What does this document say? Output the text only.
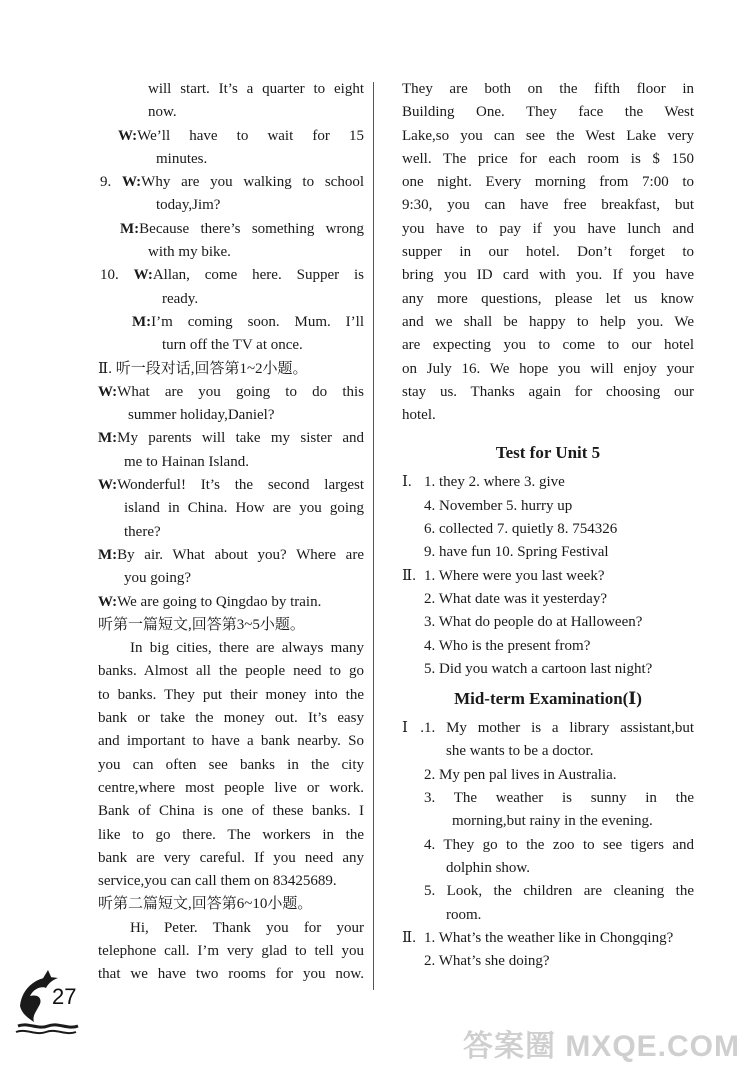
will start. It’s a quarter to eight
now.
W:We’ll have to wait for 15
minutes.
9. W:Why are you walking to school
today,Jim?
M:Because there’s something wrong
with my bike.
10. W:Allan, come here. Supper is
ready.
M:I’m coming soon. Mum. I’ll
turn off the TV at once.
Ⅱ. 听一段对话,回答第1~2小题。
W:What are you going to do this
summer holiday,Daniel?
M:My parents will take my sister and
me to Hainan Island.
W:Wonderful! It’s the second largest
island in China. How are you going
there?
M:By air. What about you? Where are
you going?
W:We are going to Qingdao by train.
听第一篇短文,回答第3~5小题。
In big cities, there are always many
banks. Almost all the people need to go
to banks. They put their money into the
bank or take the money out. It’s easy
and important to have a bank nearby. So
you can often see banks in the city
centre,where most people live or work.
Bank of China is one of these banks. I
like to go there. The workers in the
bank are very careful. If you need any
service,you can call them on 83425689.
听第二篇短文,回答第6~10小题。
Hi, Peter. Thank you for your
telephone call. I’m very glad to tell you
that we have two rooms for you now.
They are both on the fifth floor in
Building One. They face the West
Lake,so you can see the West Lake very
well. The price for each room is $ 150
one night. Every morning from 7:00 to
9:30, you can have free breakfast, but
you have to pay if you have lunch and
supper in our hotel. Don’t forget to
bring you ID card with you. If you have
any more questions, please let us know
and we shall be happy to help you. We
are expecting you to come to our hotel
on July 16. We hope you will enjoy your
stay us. Thanks again for choosing our
hotel.
Test for Unit 5
Ⅰ.1. they 2. where 3. give
4. November 5. hurry up
6. collected 7. quietly 8. 754326
9. have fun 10. Spring Festival
Ⅱ.1. Where were you last week?
2. What date was it yesterday?
3. What do people do at Halloween?
4. Who is the present from?
5. Did you watch a cartoon last night?
Mid-term Examination(Ⅰ)
Ⅰ.1. My mother is a library assistant,but
she wants to be a doctor.
2. My pen pal lives in Australia.
3. The weather is sunny in the
morning,but rainy in the evening.
4. They go to the zoo to see tigers and
dolphin show.
5. Look, the children are cleaning the
room.
Ⅱ.1. What’s the weather like in Chongqing?
2. What’s she doing?
27
答案圈 MXQE.COM
